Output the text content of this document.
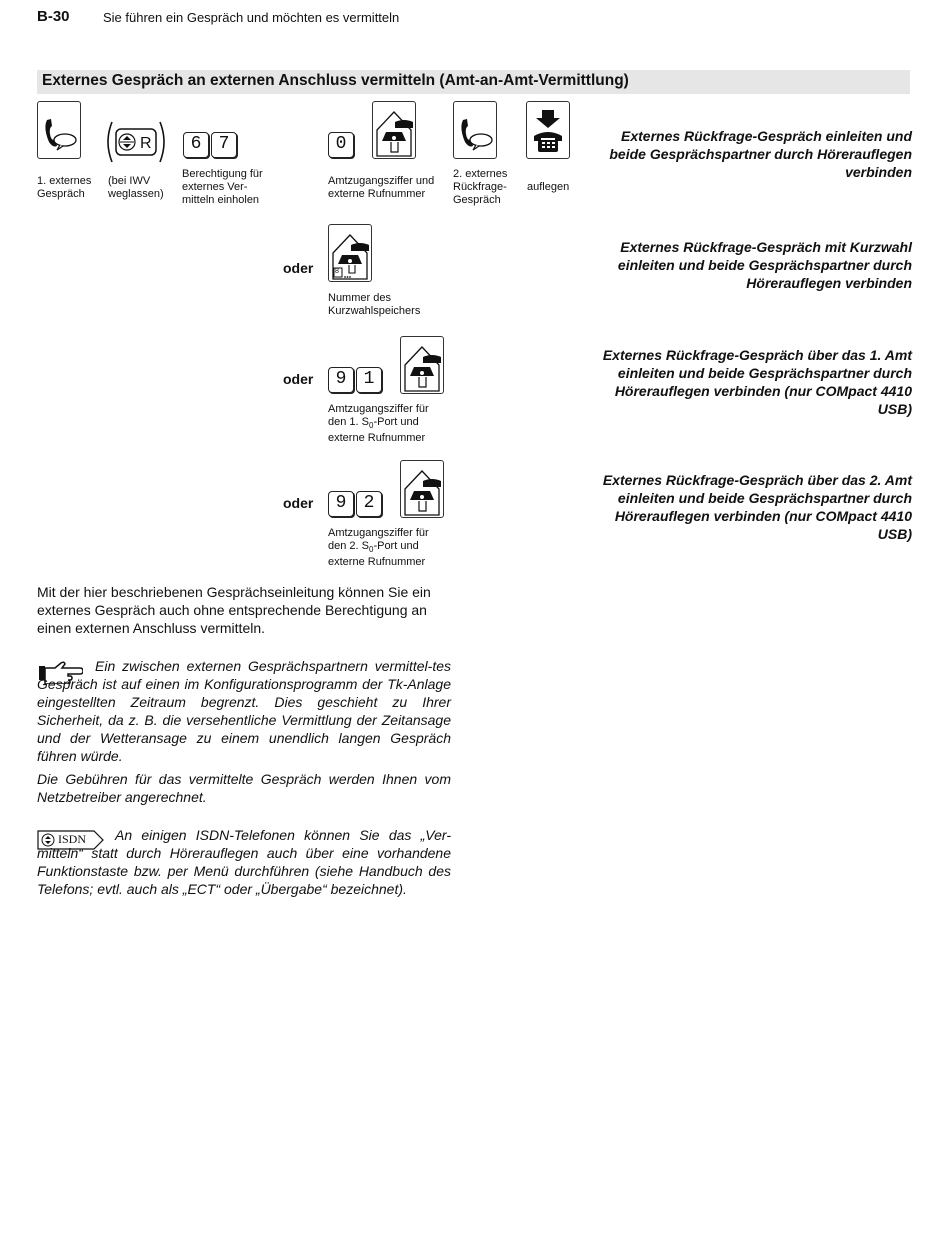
B-30	Sie führen ein Gespräch und möchten es vermitteln
Externes Gespräch an externen Anschluss vermitteln (Amt-an-Amt-Vermittlung)
1. externes Gespräch
R
(bei IWV weglassen)
6 7
Berechtigung für externes Ver-mitteln einholen
0
Amtzugangsziffer und externe Rufnummer
2. externes Rückfrage-Gespräch
auflegen
Externes Rückfrage-Gespräch einleiten und beide Gesprächspartner durch Hörerauflegen verbinden
oder	8
Nummer des Kurzwahlspeichers
Externes Rückfrage-Gespräch mit Kurzwahl einleiten und beide Gesprächspartner durch Hörerauflegen verbinden
oder	9 1
Amtzugangsziffer für
den 1. $S_0$-Port und
externe Rufnummer
Externes Rückfrage-Gespräch über das 1. Amt einleiten und beide Gesprächspartner durch Hörerauflegen verbinden (nur COMpact 4410 USB)
oder	9 2
Amtzugangsziffer für
den 2. $S_0$-Port und
externe Rufnummer
Externes Rückfrage-Gespräch über das 2. Amt einleiten und beide Gesprächspartner durch Hörerauflegen verbinden (nur COMpact 4410 USB)
Mit der hier beschriebenen Gesprächseinleitung können Sie ein externes Gespräch auch ohne entsprechende Berechtigung an einen externen Anschluss vermitteln.
Ein zwischen externen Gesprächspartnern vermittel-tes Gespräch ist auf einen im Konfigurationsprogramm der Tk-Anlage eingestellten Zeitraum begrenzt. Dies geschieht zu Ihrer Sicherheit, da z. B. die versehentliche Vermittlung der Zeitansage und der Wetteransage zu einem unendlich langen Gespräch führen würde.
Die Gebühren für das vermittelte Gespräch werden Ihnen vom Netzbetreiber angerechnet.
ISDN	An einigen ISDN-Telefonen können Sie das „Ver-mitteln“ statt durch Hörerauflegen auch über eine vorhandene Funktionstaste bzw. per Menü durchführen (siehe Handbuch des Telefons; evtl. auch als „ECT“ oder „Übergabe“ bezeichnet).
